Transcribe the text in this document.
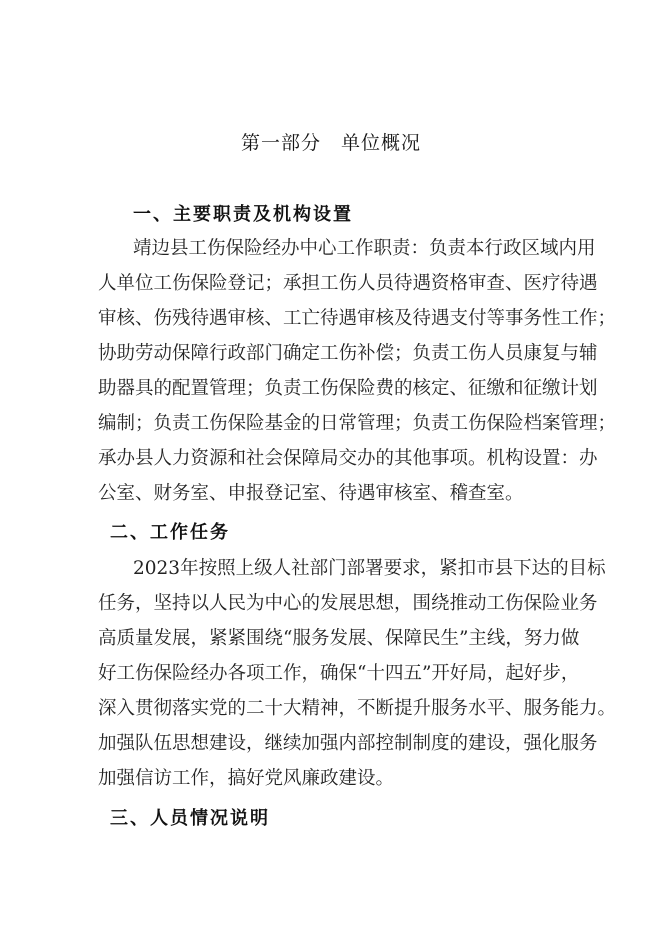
第一部分　单位概况
一、主要职责及机构设置
靖边县工伤保险经办中心工作职责：负责本行政区域内用
人单位工伤保险登记；承担工伤人员待遇资格审查、医疗待遇
审核、伤残待遇审核、工亡待遇审核及待遇支付等事务性工作；
协助劳动保障行政部门确定工伤补偿；负责工伤人员康复与辅
助器具的配置管理；负责工伤保险费的核定、征缴和征缴计划
编制；负责工伤保险基金的日常管理；负责工伤保险档案管理；
承办县人力资源和社会保障局交办的其他事项。机构设置：办
公室、财务室、申报登记室、待遇审核室、稽查室。
二、工作任务
2023年按照上级人社部门部署要求，紧扣市县下达的目标
任务，坚持以人民为中心的发展思想，围绕推动工伤保险业务
高质量发展，紧紧围绕“服务发展、保障民生”主线，努力做
好工伤保险经办各项工作，确保“十四五”开好局，起好步，
深入贯彻落实党的二十大精神，不断提升服务水平、服务能力。
加强队伍思想建设，继续加强内部控制制度的建设，强化服务
加强信访工作，搞好党风廉政建设。
三、人员情况说明
